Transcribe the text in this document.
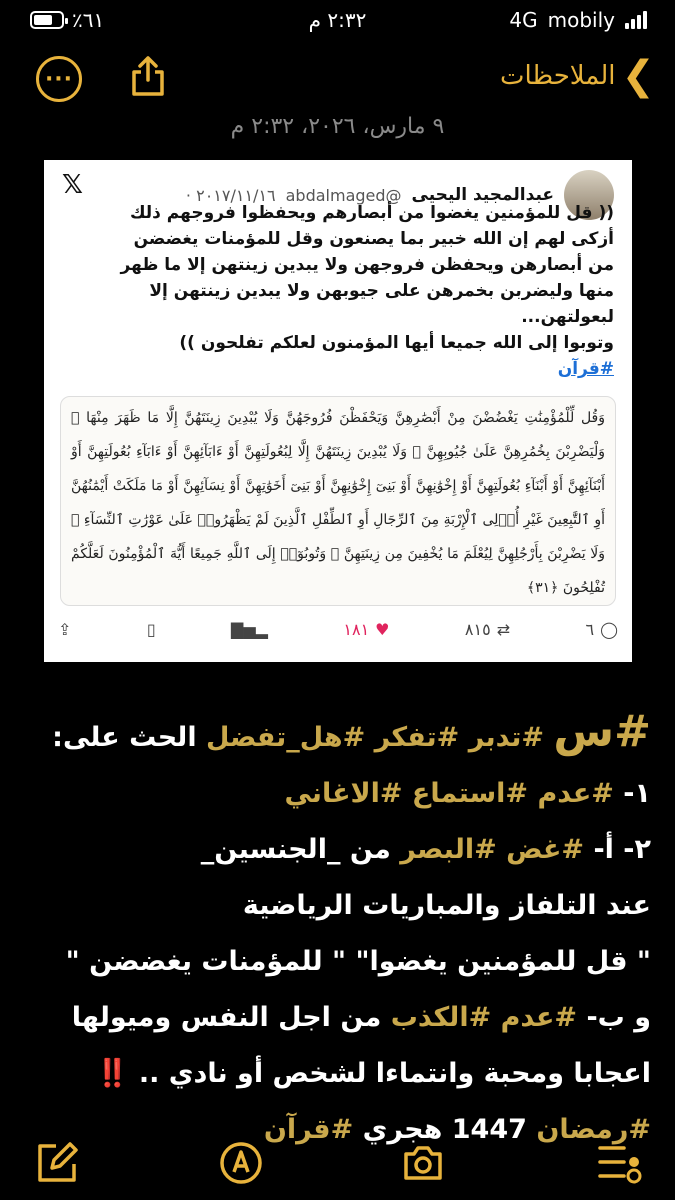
٪٦١	٢:٣٢ م	4G mobily
···	❯
الملاحظات
٩ مارس، ٢٠٢٦، ٢:٣٢ م
عبدالمجيد اليحيى
@abdalmaged
٢٠١٧/١١/١٦ ·
𝕏
(( قل للمؤمنين يغضوا من أبصارهم ويحفظوا فروجهم ذلك أزكى لهم إن الله خبير بما يصنعون وقل للمؤمنات يغضضن من أبصارهن ويحفظن فروجهن ولا يبدين زينتهن إلا ما ظهر منها وليضربن بخمرهن على جيوبهن ولا يبدين زينتهن إلا لبعولتهن...
وتوبوا إلى الله جميعا أيها المؤمنون لعلكم تفلحون ))
#قرآن
وَقُل لِّلْمُؤْمِنَٰتِ يَغْضُضْنَ مِنْ أَبْصَٰرِهِنَّ وَيَحْفَظْنَ فُرُوجَهُنَّ وَلَا يُبْدِينَ زِينَتَهُنَّ إِلَّا مَا ظَهَرَ مِنْهَا ۖ وَلْيَضْرِبْنَ بِخُمُرِهِنَّ عَلَىٰ جُيُوبِهِنَّ ۖ وَلَا يُبْدِينَ زِينَتَهُنَّ إِلَّا لِبُعُولَتِهِنَّ أَوْ ءَابَآئِهِنَّ أَوْ ءَابَآءِ بُعُولَتِهِنَّ أَوْ أَبْنَآئِهِنَّ أَوْ أَبْنَآءِ بُعُولَتِهِنَّ أَوْ إِخْوَٰنِهِنَّ أَوْ بَنِىٓ إِخْوَٰنِهِنَّ أَوْ بَنِىٓ أَخَوَٰتِهِنَّ أَوْ نِسَآئِهِنَّ أَوْ مَا مَلَكَتْ أَيْمَٰنُهُنَّ أَوِ ٱلتَّٰبِعِينَ غَيْرِ أُو۟لِى ٱلْإِرْبَةِ مِنَ ٱلرِّجَالِ أَوِ ٱلطِّفْلِ ٱلَّذِينَ لَمْ يَظْهَرُوا۟ عَلَىٰ عَوْرَٰتِ ٱلنِّسَآءِ ۖ وَلَا يَضْرِبْنَ بِأَرْجُلِهِنَّ لِيُعْلَمَ مَا يُخْفِينَ مِن زِينَتِهِنَّ ۚ وَتُوبُوٓا۟ إِلَى ٱللَّهِ جَمِيعًا أَيُّهَ ٱلْمُؤْمِنُونَ لَعَلَّكُمْ تُفْلِحُونَ ﴿٣١﴾
◯
٦
⇄
٨١٥
♥
١٨١
▂▅▇
▯
⇪
#س #تدبر #تفكر #هل_تفضل الحث على:
١- #عدم #استماع #الاغاني
٢- أ- #غض #البصر من _الجنسين_
عند التلفاز والمباريات الرياضية
" قل للمؤمنين يغضوا" " للمؤمنات يغضضن "
و ب- #عدم #الكذب من اجل النفس وميولها
اعجابا ومحبة وانتماءا لشخص أو نادي .. ‼️
#رمضان 1447 هجري #قرآن
